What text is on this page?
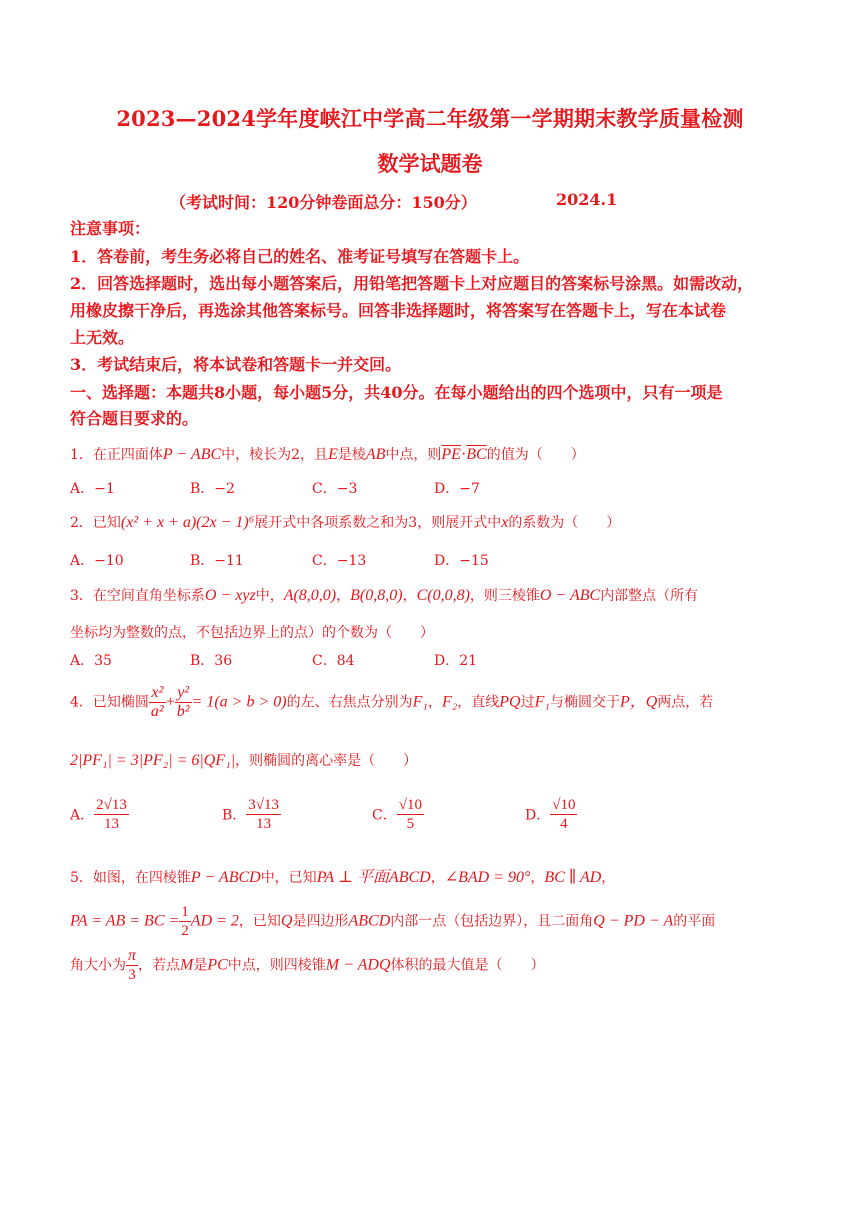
2023—2024学年度峡江中学高二年级第一学期期末教学质量检测
数学试题卷
（考试时间：120分钟卷面总分：150分）	2024.1
注意事项：
1．答卷前，考生务必将自己的姓名、准考证号填写在答题卡上。
2．回答选择题时，选出每小题答案后，用铅笔把答题卡上对应题目的答案标号涂黑。如需改动，
用橡皮擦干净后，再选涂其他答案标号。回答非选择题时，将答案写在答题卡上，写在本试卷
上无效。
3．考试结束后，将本试卷和答题卡一并交回。
一、选择题：本题共8小题，每小题5分，共40分。在每小题给出的四个选项中，只有一项是
符合题目要求的。
1．在正四面体P − ABC中，棱长为2，且E是棱AB中点，则$\overline{PE}\cdot\overline{BC}$的值为（　　）
A．−1	B．−2	C．−3	D．−7
2．已知(x² + x + a)(2x − 1)⁶展开式中各项系数之和为3，则展开式中x的系数为（　　）
A．−10	B．−11	C．−13	D．−15
3．在空间直角坐标系O − xyz中，A(8,0,0)，B(0,8,0)，C(0,0,8)，则三棱锥O − ABC内部整点（所有
坐标均为整数的点，不包括边界上的点）的个数为（　　）
A．35	B．36	C．84	D．21
4．已知椭圆 $\frac{\text{x²}}{\text{a²}} + \frac{\text{y²}}{\text{b²}} = 1(a > b > 0)$的左、右焦点分别为F₁，F₂，直线PQ过F₁与椭圆交于P，Q两点，若
2|PF₁| = 3|PF₂| = 6|QF₁|，则椭圆的离心率是（　　）
A． $\frac{2√13}{13}$	B． $\frac{3√13}{13}$	C． $\frac{√10}{5}$	D． $\frac{√10}{4}$
5．如图，在四棱锥P − ABCD中，已知PA ⊥ 平面ABCD，∠BAD = 90°，BC ∥ AD，
PA = AB = BC = $\frac{1}{2}$ AD = 2，已知Q是四边形ABCD内部一点（包括边界），且二面角Q − PD − A的平面
角大小为 $\frac{\pi}{3}$ ，若点M是PC中点，则四棱锥M − ADQ体积的最大值是（　　）
